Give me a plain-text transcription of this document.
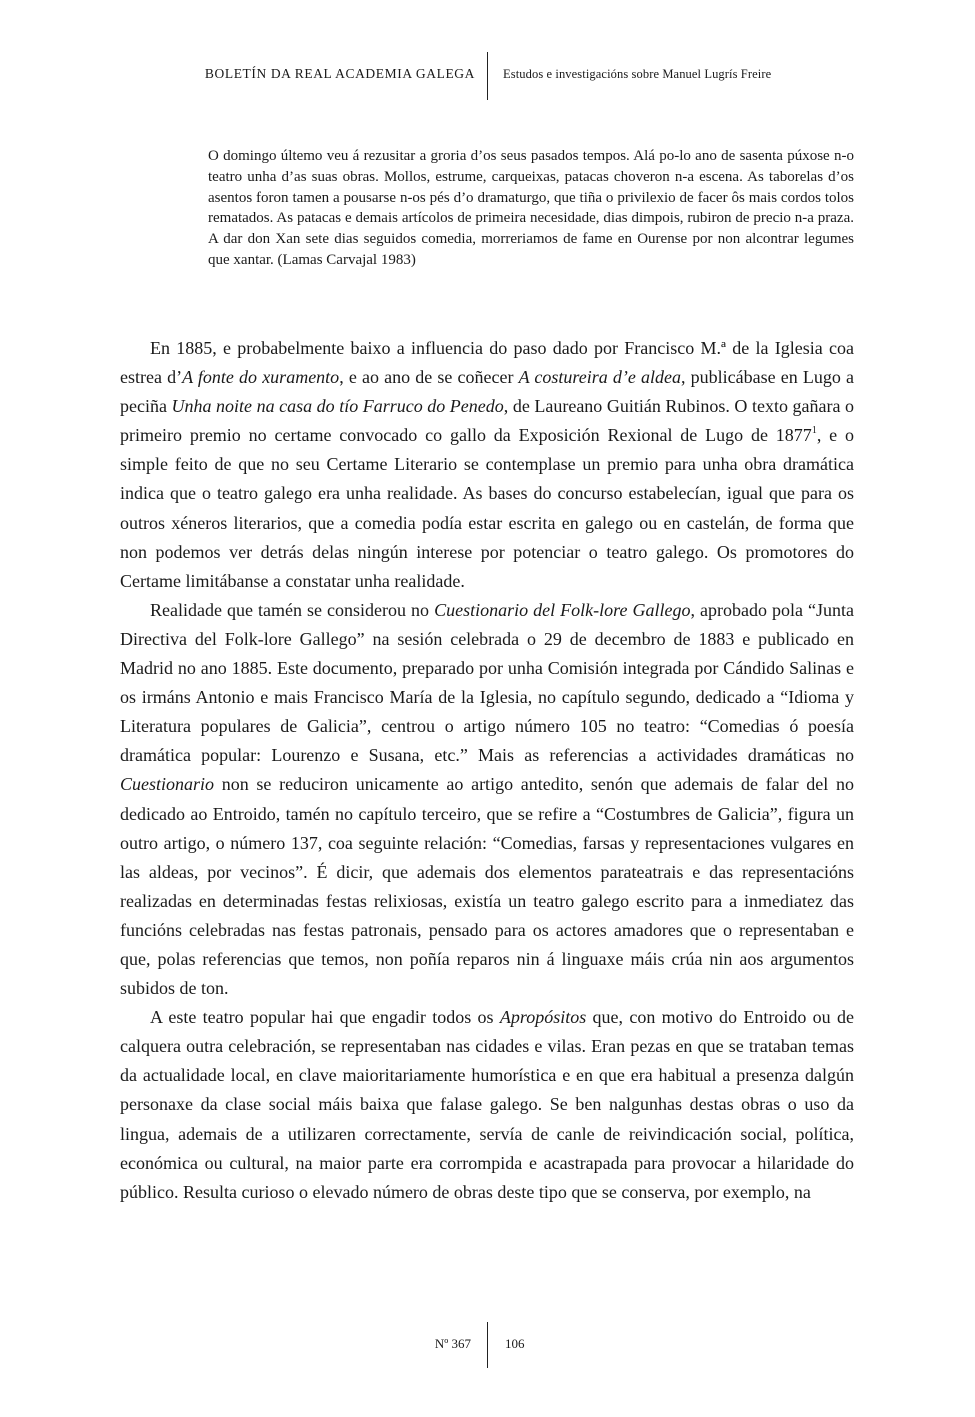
BOLETÍN DA REAL ACADEMIA GALEGA Estudos e investigacións sobre Manuel Lugrís Freire

O domingo últemo veu á rezusitar a groria d’os seus pasados tempos. Alá po-lo ano de sasenta púxose n-o teatro unha d’as suas obras. Mollos, estrume, carqueixas, patacas choveron n-a escena. As taborelas d’os asentos foron tamen a pousarse n-os pés d’o dramaturgo, que tiña o privilexio de facer ôs mais cordos tolos rematados. As patacas e demais artícolos de primeira necesidade, dias dimpois, rubiron de precio n-a praza. A dar don Xan sete dias seguidos comedia, morreriamos de fame en Ourense por non alcontrar legumes que xantar. (Lamas Carvajal 1983)

En 1885, e probabelmente baixo a influencia do paso dado por Francisco M.ª de la Iglesia coa estrea d’A fonte do xuramento, e ao ano de se coñecer A costureira d’e aldea, publicábase en Lugo a peciña Unha noite na casa do tío Farruco do Penedo, de Laureano Guitián Rubinos. O texto gañara o primeiro premio no certame convocado co gallo da Exposición Rexional de Lugo de 1877$^1$, e o simple feito de que no seu Certame Literario se contemplase un premio para unha obra dramática indica que o teatro galego era unha realidade. As bases do concurso estabelecían, igual que para os outros xéneros literarios, que a comedia podía estar escrita en galego ou en castelán, de forma que non podemos ver detrás delas ningún interese por potenciar o teatro galego. Os promotores do Certame limitábanse a constatar unha realidade.

Realidade que tamén se considerou no Cuestionario del Folk-lore Gallego, aprobado pola “Junta Directiva del Folk-lore Gallego” na sesión celebrada o 29 de decembro de 1883 e publicado en Madrid no ano 1885. Este documento, preparado por unha Comisión integrada por Cándido Salinas e os irmáns Antonio e mais Francisco María de la Iglesia, no capítulo segundo, dedicado a “Idioma y Literatura populares de Galicia”, centrou o artigo número 105 no teatro: “Comedias ó poesía dramática popular: Lourenzo e Susana, etc.” Mais as referencias a actividades dramáticas no Cuestionario non se reduciron unicamente ao artigo antedito, senón que ademais de falar del no dedicado ao Entroido, tamén no capítulo terceiro, que se refire a “Costumbres de Galicia”, figura un outro artigo, o número 137, coa seguinte relación: “Comedias, farsas y representaciones vulgares en las aldeas, por vecinos”. É dicir, que ademais dos elementos parateatrais e das representacións realizadas en determinadas festas relixiosas, existía un teatro galego escrito para a inmediatez das funcións celebradas nas festas patronais, pensado para os actores amadores que o representaban e que, polas referencias que temos, non poñía reparos nin á linguaxe máis crúa nin aos argumentos subidos de ton.

A este teatro popular hai que engadir todos os Apropósitos que, con motivo do Entroido ou de calquera outra celebración, se representaban nas cidades e vilas. Eran pezas en que se trataban temas da actualidade local, en clave maioritariamente humorística e en que era habitual a presenza dalgún personaxe da clase social máis baixa que falase galego. Se ben nalgunhas destas obras o uso da lingua, ademais de a utilizaren correctamente, servía de canle de reivindicación social, política, económica ou cultural, na maior parte era corrompida e acastrapada para provocar a hilaridade do público. Resulta curioso o elevado número de obras deste tipo que se conserva, por exemplo, na

Nº 367	106
